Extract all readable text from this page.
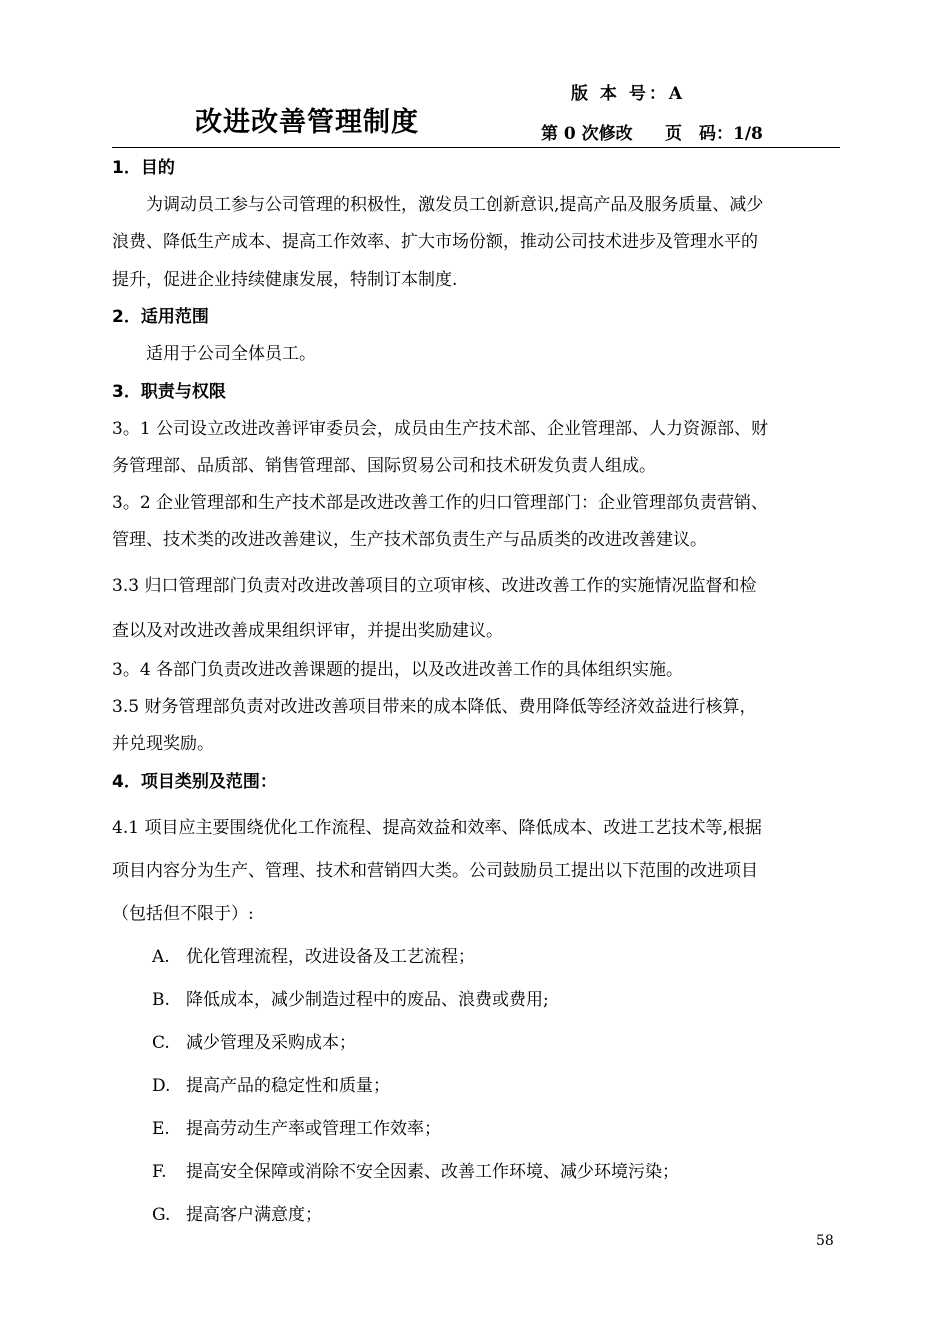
改进改善管理制度
版 本 号：A
第 0 次修改 页　码：1/8
1．目的
为调动员工参与公司管理的积极性，激发员工创新意识,提高产品及服务质量、减少
浪费、降低生产成本、提高工作效率、扩大市场份额，推动公司技术进步及管理水平的
提升，促进企业持续健康发展，特制订本制度.
2．适用范围
适用于公司全体员工。
3．职责与权限
3。1 公司设立改进改善评审委员会，成员由生产技术部、企业管理部、人力资源部、财
务管理部、品质部、销售管理部、国际贸易公司和技术研发负责人组成。
3。2 企业管理部和生产技术部是改进改善工作的归口管理部门：企业管理部负责营销、
管理、技术类的改进改善建议，生产技术部负责生产与品质类的改进改善建议。
3.3 归口管理部门负责对改进改善项目的立项审核、改进改善工作的实施情况监督和检
查以及对改进改善成果组织评审，并提出奖励建议。
3。4 各部门负责改进改善课题的提出，以及改进改善工作的具体组织实施。
3.5 财务管理部负责对改进改善项目带来的成本降低、费用降低等经济效益进行核算，
并兑现奖励。
4．项目类别及范围：
4.1 项目应主要围绕优化工作流程、提高效益和效率、降低成本、改进工艺技术等,根据
项目内容分为生产、管理、技术和营销四大类。公司鼓励员工提出以下范围的改进项目
（包括但不限于）:
A. 优化管理流程，改进设备及工艺流程；
B. 降低成本，减少制造过程中的废品、浪费或费用;
C. 减少管理及采购成本；
D. 提高产品的稳定性和质量；
E. 提高劳动生产率或管理工作效率；
F. 提高安全保障或消除不安全因素、改善工作环境、减少环境污染；
G. 提高客户满意度；
58
